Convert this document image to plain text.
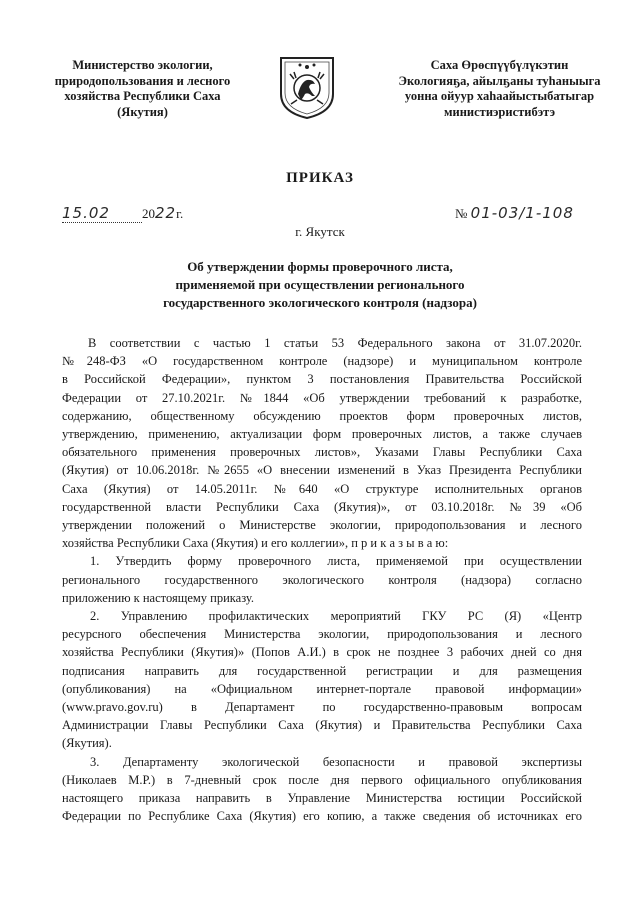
Министерство экологии,
природопользования и лесного
хозяйства Республики Саха
(Якутия)
Саха Өрөспүүбүлүкэтин
Экологияҕа, айылҕаны туһаныыга
уонна ойуур хаһаайыстыбатыгар
министиэристибэтэ
ПРИКАЗ
15.02 2022г.	№ 01-03/1-108
г. Якутск
Об утверждении формы проверочного листа,
применяемой при осуществлении регионального
государственного экологического контроля (надзора)
В соответствии с частью 1 статьи 53 Федерального закона от 31.07.2020г.
№248-ФЗ «О государственном контроле (надзоре) и муниципальном контроле
в Российской Федерации», пунктом 3 постановления Правительства Российской
Федерации от 27.10.2021г. №1844 «Об утверждении требований к разработке,
содержанию, общественному обсуждению проектов форм проверочных листов,
утверждению, применению, актуализации форм проверочных листов, а также случаев
обязательного применения проверочных листов», Указами Главы Республики Саха
(Якутия) от 10.06.2018г. №2655 «О внесении изменений в Указ Президента Республики
Саха (Якутия) от 14.05.2011г. №640 «О структуре исполнительных органов
государственной власти Республики Саха (Якутия)», от 03.10.2018г. №39 «Об
утверждении положений о Министерстве экологии, природопользования и лесного
хозяйства Республики Саха (Якутия) и его коллегии», п р и к а з ы в а ю:
1. Утвердить форму проверочного листа, применяемой при осуществлении
регионального государственного экологического контроля (надзора) согласно
приложению к настоящему приказу.
2. Управлению профилактических мероприятий ГКУ РС (Я) «Центр
ресурсного обеспечения Министерства экологии, природопользования и лесного
хозяйства Республики (Якутия)» (Попов А.И.) в срок не позднее 3 рабочих дней со дня
подписания направить для государственной регистрации и для размещения
(опубликования) на «Официальном интернет-портале правовой информации»
(www.pravo.gov.ru) в Департамент по государственно-правовым вопросам
Администрации Главы Республики Саха (Якутия) и Правительства Республики Саха
(Якутия).
3. Департаменту экологической безопасности и правовой экспертизы
(Николаев М.Р.) в 7-дневный срок после дня первого официального опубликования
настоящего приказа направить в Управление Министерства юстиции Российской
Федерации по Республике Саха (Якутия) его копию, а также сведения об источниках его
